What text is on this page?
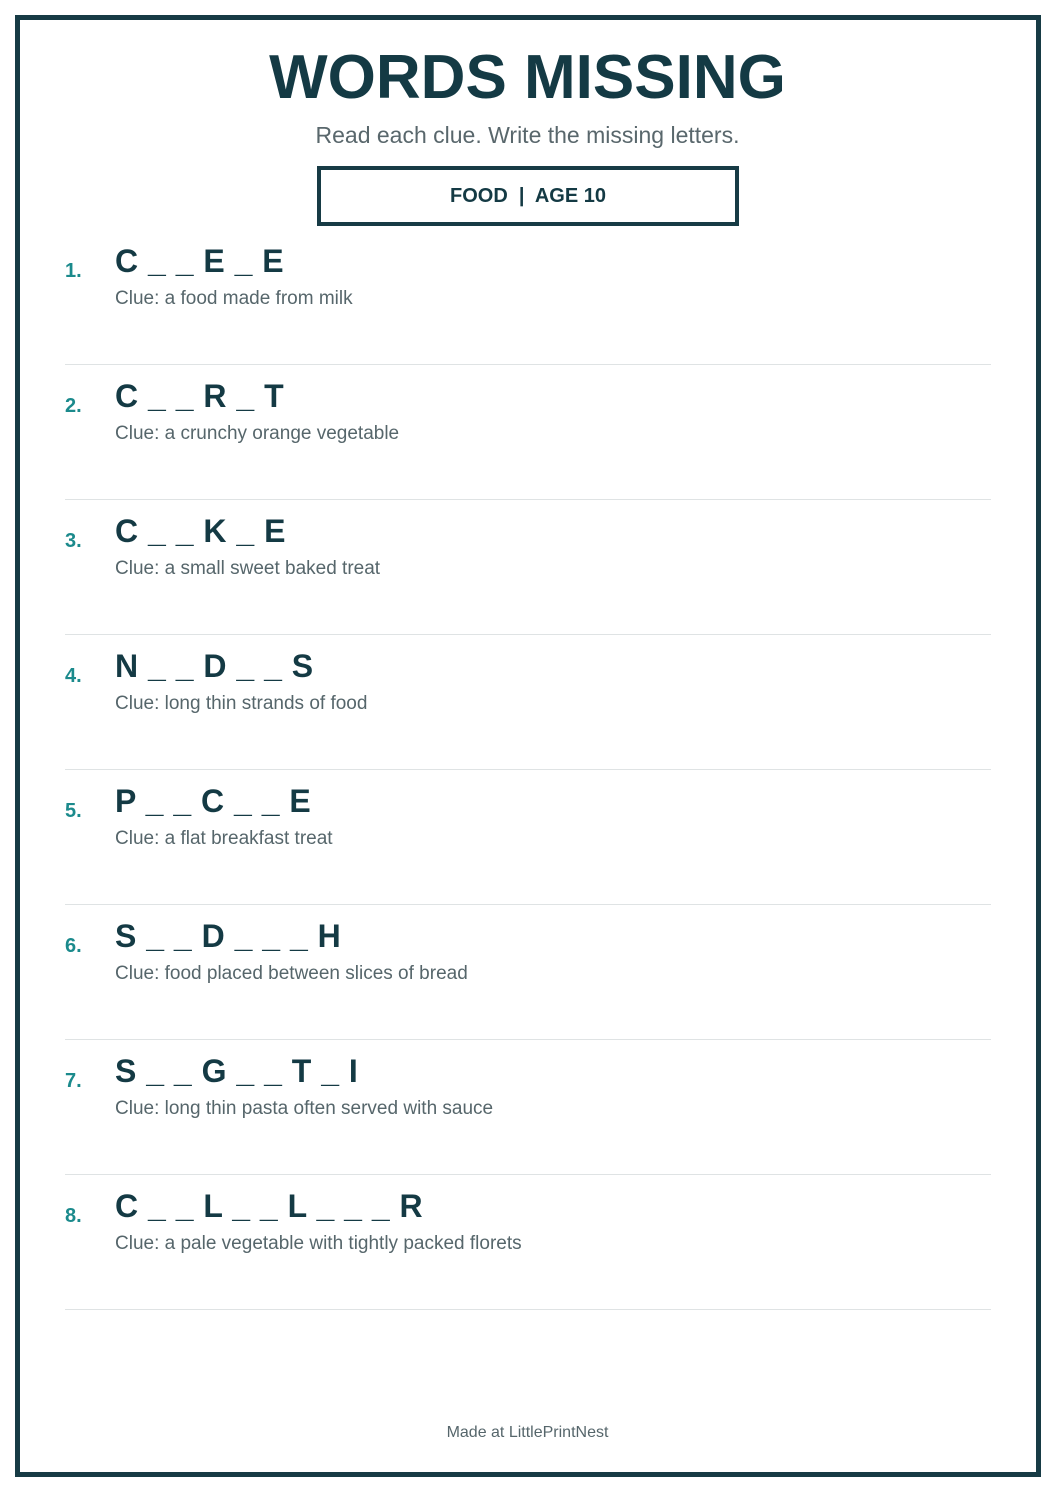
WORDS MISSING
Read each clue. Write the missing letters.
FOOD  |  AGE 10
1. C _ _ E _ E
Clue: a food made from milk
2. C _ _ R _ T
Clue: a crunchy orange vegetable
3. C _ _ K _ E
Clue: a small sweet baked treat
4. N _ _ D _ _ S
Clue: long thin strands of food
5. P _ _ C _ _ E
Clue: a flat breakfast treat
6. S _ _ D _ _ _ H
Clue: food placed between slices of bread
7. S _ _ G _ _ T _ I
Clue: long thin pasta often served with sauce
8. C _ _ L _ _ L _ _ _ R
Clue: a pale vegetable with tightly packed florets
Made at LittlePrintNest
